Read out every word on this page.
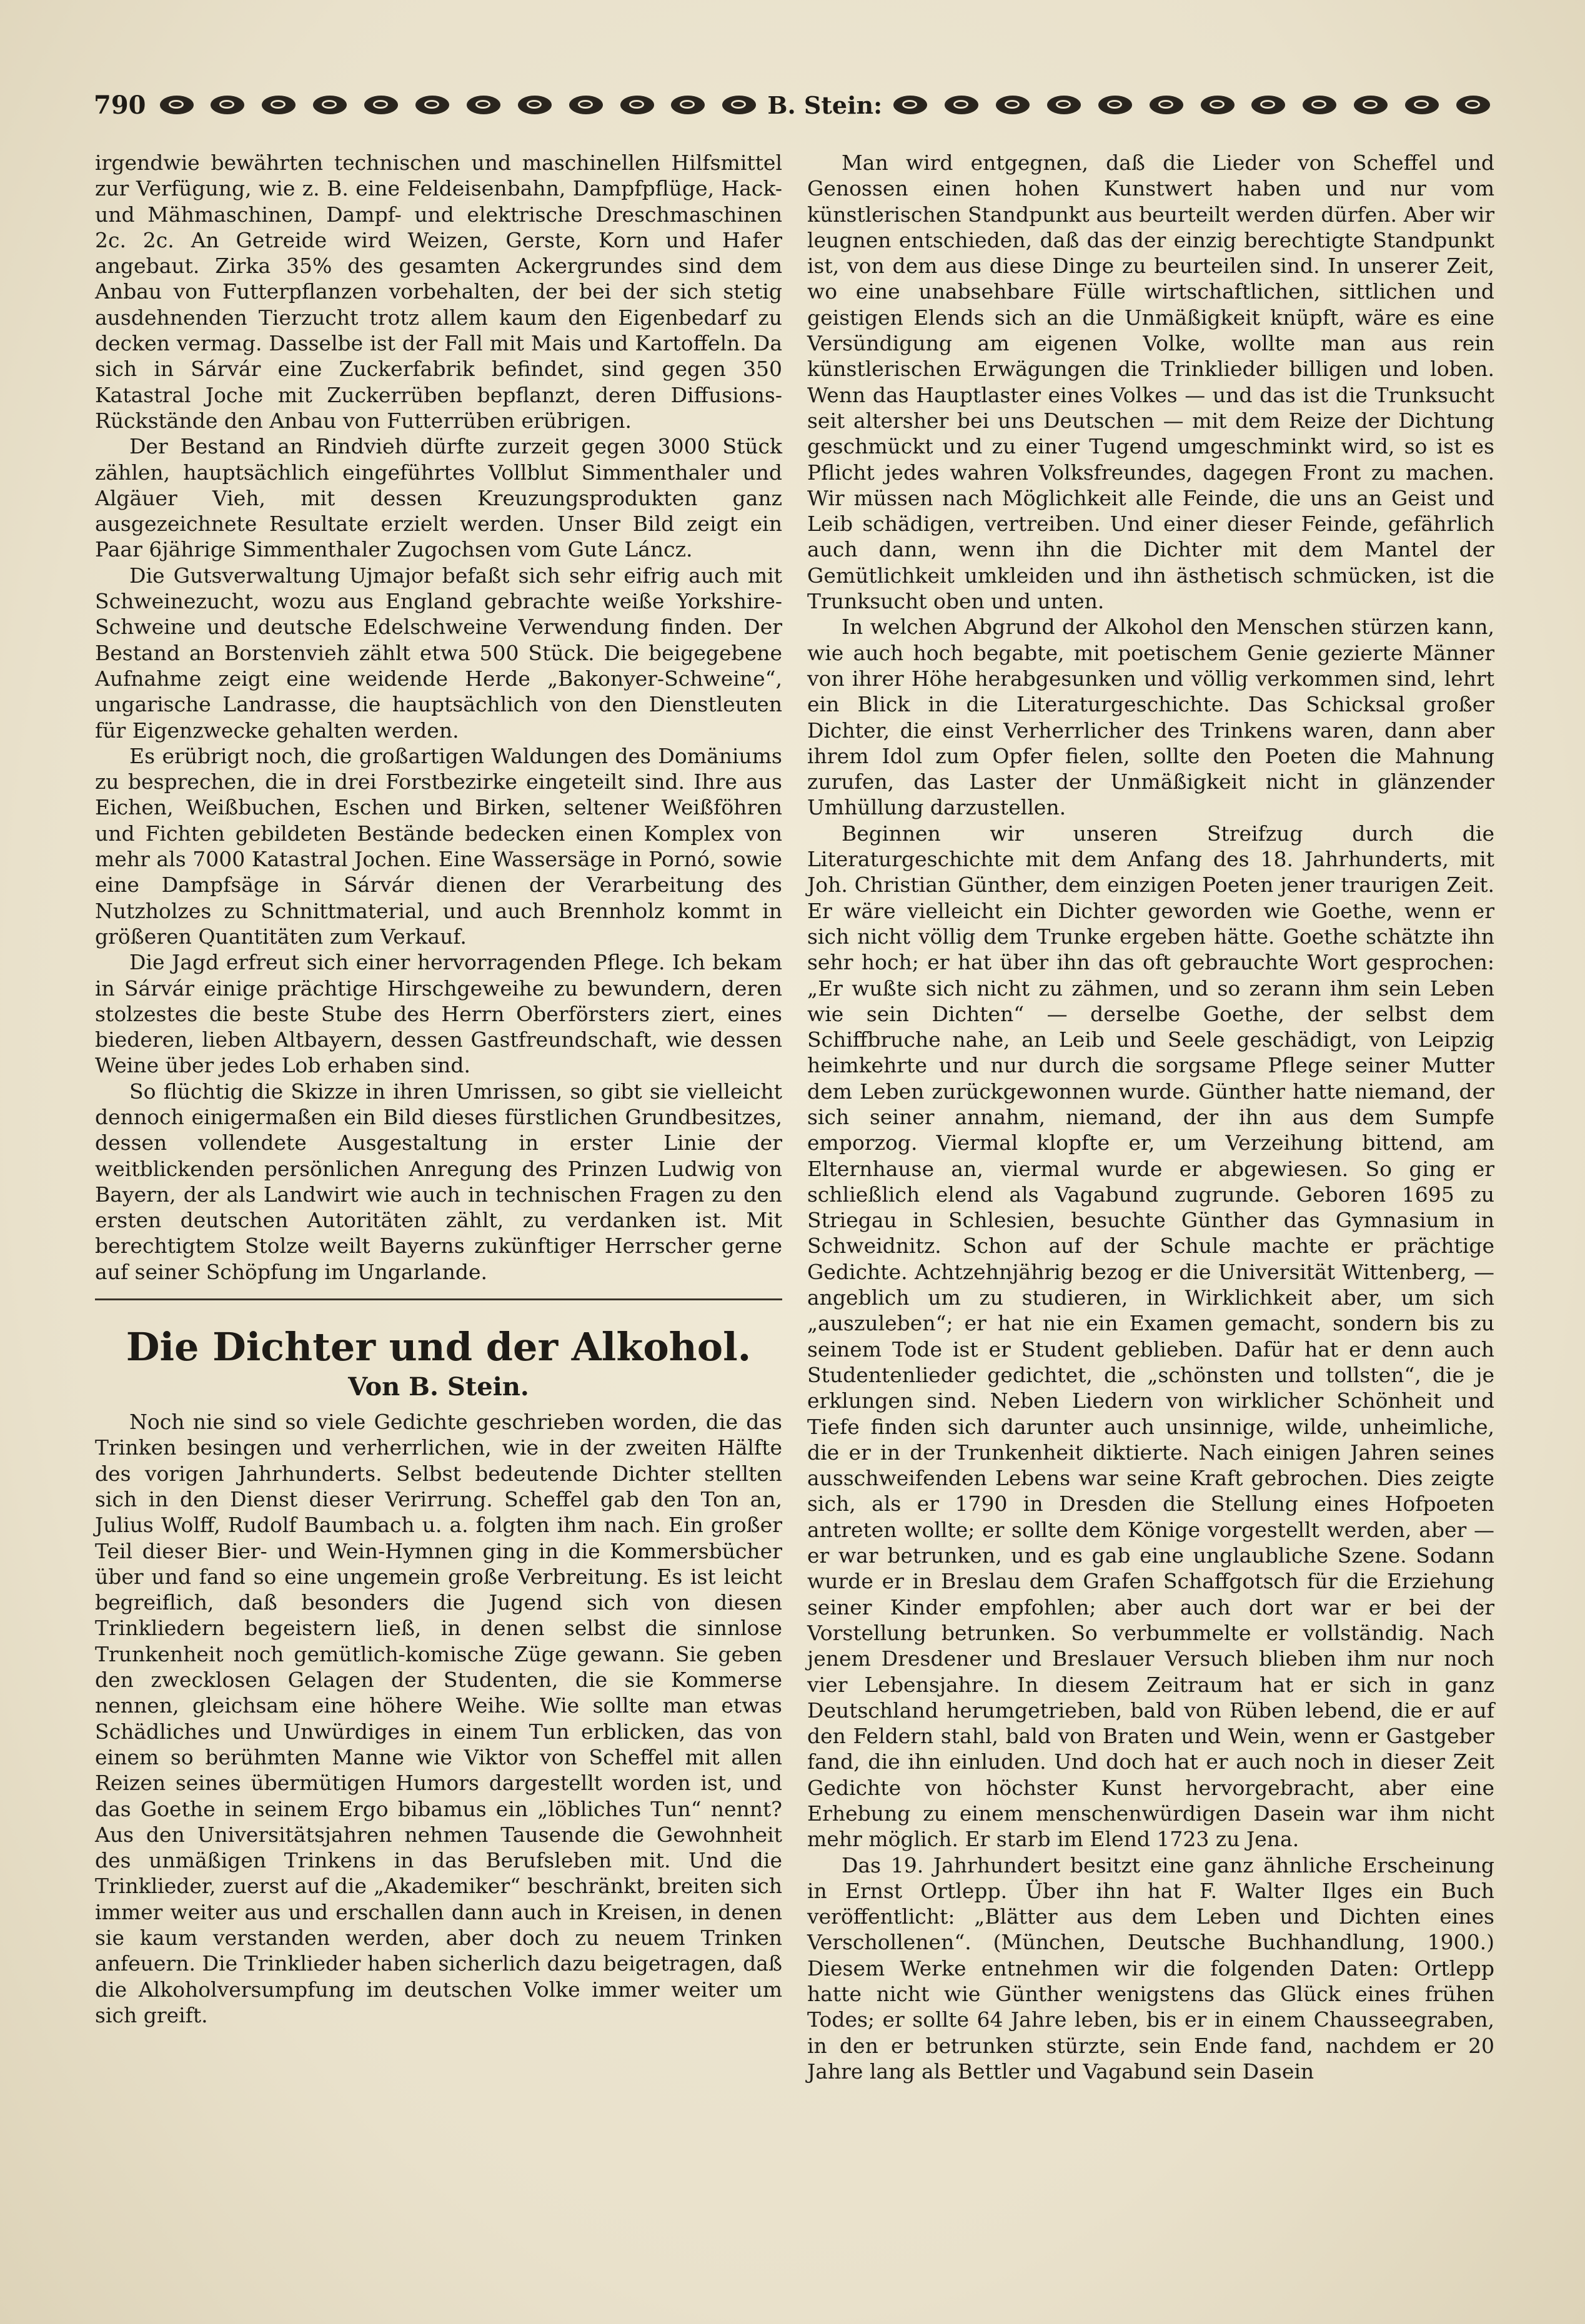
790	B. Stein:

irgendwie bewährten technischen und maschinellen Hilfsmittel zur Verfügung, wie z. B. eine Feldeisenbahn, Dampfpflüge, Hack- und Mähmaschinen, Dampf- und elektrische Dreschmaschinen 2c. 2c. An Getreide wird Weizen, Gerste, Korn und Hafer angebaut. Zirka 35% des gesamten Ackergrundes sind dem Anbau von Futterpflanzen vorbehalten, der bei der sich stetig ausdehnenden Tierzucht trotz allem kaum den Eigenbedarf zu decken vermag. Dasselbe ist der Fall mit Mais und Kartoffeln. Da sich in Sárvár eine Zuckerfabrik befindet, sind gegen 350 Katastral Joche mit Zuckerrüben bepflanzt, deren Diffusions-Rückstände den Anbau von Futterrüben erübrigen.

Der Bestand an Rindvieh dürfte zurzeit gegen 3000 Stück zählen, hauptsächlich eingeführtes Vollblut Simmenthaler und Algäuer Vieh, mit dessen Kreuzungsprodukten ganz ausgezeichnete Resultate erzielt werden. Unser Bild zeigt ein Paar 6jährige Simmenthaler Zugochsen vom Gute Láncz.

Die Gutsverwaltung Ujmajor befaßt sich sehr eifrig auch mit Schweinezucht, wozu aus England gebrachte weiße Yorkshire-Schweine und deutsche Edelschweine Verwendung finden. Der Bestand an Borstenvieh zählt etwa 500 Stück. Die beigegebene Aufnahme zeigt eine weidende Herde „Bakonyer-Schweine“, ungarische Landrasse, die hauptsächlich von den Dienstleuten für Eigenzwecke gehalten werden.

Es erübrigt noch, die großartigen Waldungen des Domäniums zu besprechen, die in drei Forstbezirke eingeteilt sind. Ihre aus Eichen, Weißbuchen, Eschen und Birken, seltener Weißföhren und Fichten gebildeten Bestände bedecken einen Komplex von mehr als 7000 Katastral Jochen. Eine Wassersäge in Pornó, sowie eine Dampfsäge in Sárvár dienen der Verarbeitung des Nutzholzes zu Schnittmaterial, und auch Brennholz kommt in größeren Quantitäten zum Verkauf.

Die Jagd erfreut sich einer hervorragenden Pflege. Ich bekam in Sárvár einige prächtige Hirschgeweihe zu bewundern, deren stolzestes die beste Stube des Herrn Oberförsters ziert, eines biederen, lieben Altbayern, dessen Gastfreundschaft, wie dessen Weine über jedes Lob erhaben sind.

So flüchtig die Skizze in ihren Umrissen, so gibt sie vielleicht dennoch einigermaßen ein Bild dieses fürstlichen Grundbesitzes, dessen vollendete Ausgestaltung in erster Linie der weitblickenden persönlichen Anregung des Prinzen Ludwig von Bayern, der als Landwirt wie auch in technischen Fragen zu den ersten deutschen Autoritäten zählt, zu verdanken ist. Mit berechtigtem Stolze weilt Bayerns zukünftiger Herrscher gerne auf seiner Schöpfung im Ungarlande.

Die Dichter und der Alkohol.
Von B. Stein.

Noch nie sind so viele Gedichte geschrieben worden, die das Trinken besingen und verherrlichen, wie in der zweiten Hälfte des vorigen Jahrhunderts. Selbst bedeutende Dichter stellten sich in den Dienst dieser Verirrung. Scheffel gab den Ton an, Julius Wolff, Rudolf Baumbach u. a. folgten ihm nach. Ein großer Teil dieser Bier- und Wein-Hymnen ging in die Kommersbücher über und fand so eine ungemein große Verbreitung. Es ist leicht begreiflich, daß besonders die Jugend sich von diesen Trinkliedern begeistern ließ, in denen selbst die sinnlose Trunkenheit noch gemütlich-komische Züge gewann. Sie geben den zwecklosen Gelagen der Studenten, die sie Kommerse nennen, gleichsam eine höhere Weihe. Wie sollte man etwas Schädliches und Unwürdiges in einem Tun erblicken, das von einem so berühmten Manne wie Viktor von Scheffel mit allen Reizen seines übermütigen Humors dargestellt worden ist, und das Goethe in seinem Ergo bibamus ein „löbliches Tun“ nennt? Aus den Universitätsjahren nehmen Tausende die Gewohnheit des unmäßigen Trinkens in das Berufsleben mit. Und die Trinklieder, zuerst auf die „Akademiker“ beschränkt, breiten sich immer weiter aus und erschallen dann auch in Kreisen, in denen sie kaum verstanden werden, aber doch zu neuem Trinken anfeuern. Die Trinklieder haben sicherlich dazu beigetragen, daß die Alkoholversumpfung im deutschen Volke immer weiter um sich greift.

Man wird entgegnen, daß die Lieder von Scheffel und Genossen einen hohen Kunstwert haben und nur vom künstlerischen Standpunkt aus beurteilt werden dürfen. Aber wir leugnen entschieden, daß das der einzig berechtigte Standpunkt ist, von dem aus diese Dinge zu beurteilen sind. In unserer Zeit, wo eine unabsehbare Fülle wirtschaftlichen, sittlichen und geistigen Elends sich an die Unmäßigkeit knüpft, wäre es eine Versündigung am eigenen Volke, wollte man aus rein künstlerischen Erwägungen die Trinklieder billigen und loben. Wenn das Hauptlaster eines Volkes — und das ist die Trunksucht seit altersher bei uns Deutschen — mit dem Reize der Dichtung geschmückt und zu einer Tugend umgeschminkt wird, so ist es Pflicht jedes wahren Volksfreundes, dagegen Front zu machen. Wir müssen nach Möglichkeit alle Feinde, die uns an Geist und Leib schädigen, vertreiben. Und einer dieser Feinde, gefährlich auch dann, wenn ihn die Dichter mit dem Mantel der Gemütlichkeit umkleiden und ihn ästhetisch schmücken, ist die Trunksucht oben und unten.

In welchen Abgrund der Alkohol den Menschen stürzen kann, wie auch hoch begabte, mit poetischem Genie gezierte Männer von ihrer Höhe herabgesunken und völlig verkommen sind, lehrt ein Blick in die Literaturgeschichte. Das Schicksal großer Dichter, die einst Verherrlicher des Trinkens waren, dann aber ihrem Idol zum Opfer fielen, sollte den Poeten die Mahnung zurufen, das Laster der Unmäßigkeit nicht in glänzender Umhüllung darzustellen.

Beginnen wir unseren Streifzug durch die Literaturgeschichte mit dem Anfang des 18. Jahrhunderts, mit Joh. Christian Günther, dem einzigen Poeten jener traurigen Zeit. Er wäre vielleicht ein Dichter geworden wie Goethe, wenn er sich nicht völlig dem Trunke ergeben hätte. Goethe schätzte ihn sehr hoch; er hat über ihn das oft gebrauchte Wort gesprochen: „Er wußte sich nicht zu zähmen, und so zerann ihm sein Leben wie sein Dichten“ — derselbe Goethe, der selbst dem Schiffbruche nahe, an Leib und Seele geschädigt, von Leipzig heimkehrte und nur durch die sorgsame Pflege seiner Mutter dem Leben zurückgewonnen wurde. Günther hatte niemand, der sich seiner annahm, niemand, der ihn aus dem Sumpfe emporzog. Viermal klopfte er, um Verzeihung bittend, am Elternhause an, viermal wurde er abgewiesen. So ging er schließlich elend als Vagabund zugrunde. Geboren 1695 zu Striegau in Schlesien, besuchte Günther das Gymnasium in Schweidnitz. Schon auf der Schule machte er prächtige Gedichte. Achtzehnjährig bezog er die Universität Wittenberg, — angeblich um zu studieren, in Wirklichkeit aber, um sich „auszuleben“; er hat nie ein Examen gemacht, sondern bis zu seinem Tode ist er Student geblieben. Dafür hat er denn auch Studentenlieder gedichtet, die „schönsten und tollsten“, die je erklungen sind. Neben Liedern von wirklicher Schönheit und Tiefe finden sich darunter auch unsinnige, wilde, unheimliche, die er in der Trunkenheit diktierte. Nach einigen Jahren seines ausschweifenden Lebens war seine Kraft gebrochen. Dies zeigte sich, als er 1790 in Dresden die Stellung eines Hofpoeten antreten wollte; er sollte dem Könige vorgestellt werden, aber — er war betrunken, und es gab eine unglaubliche Szene. Sodann wurde er in Breslau dem Grafen Schaffgotsch für die Erziehung seiner Kinder empfohlen; aber auch dort war er bei der Vorstellung betrunken. So verbummelte er vollständig. Nach jenem Dresdener und Breslauer Versuch blieben ihm nur noch vier Lebensjahre. In diesem Zeitraum hat er sich in ganz Deutschland herumgetrieben, bald von Rüben lebend, die er auf den Feldern stahl, bald von Braten und Wein, wenn er Gastgeber fand, die ihn einluden. Und doch hat er auch noch in dieser Zeit Gedichte von höchster Kunst hervorgebracht, aber eine Erhebung zu einem menschenwürdigen Dasein war ihm nicht mehr möglich. Er starb im Elend 1723 zu Jena.

Das 19. Jahrhundert besitzt eine ganz ähnliche Erscheinung in Ernst Ortlepp. Über ihn hat F. Walter Ilges ein Buch veröffentlicht: „Blätter aus dem Leben und Dichten eines Verschollenen“. (München, Deutsche Buchhandlung, 1900.) Diesem Werke entnehmen wir die folgenden Daten: Ortlepp hatte nicht wie Günther wenigstens das Glück eines frühen Todes; er sollte 64 Jahre leben, bis er in einem Chausseegraben, in den er betrunken stürzte, sein Ende fand, nachdem er 20 Jahre lang als Bettler und Vagabund sein Dasein
